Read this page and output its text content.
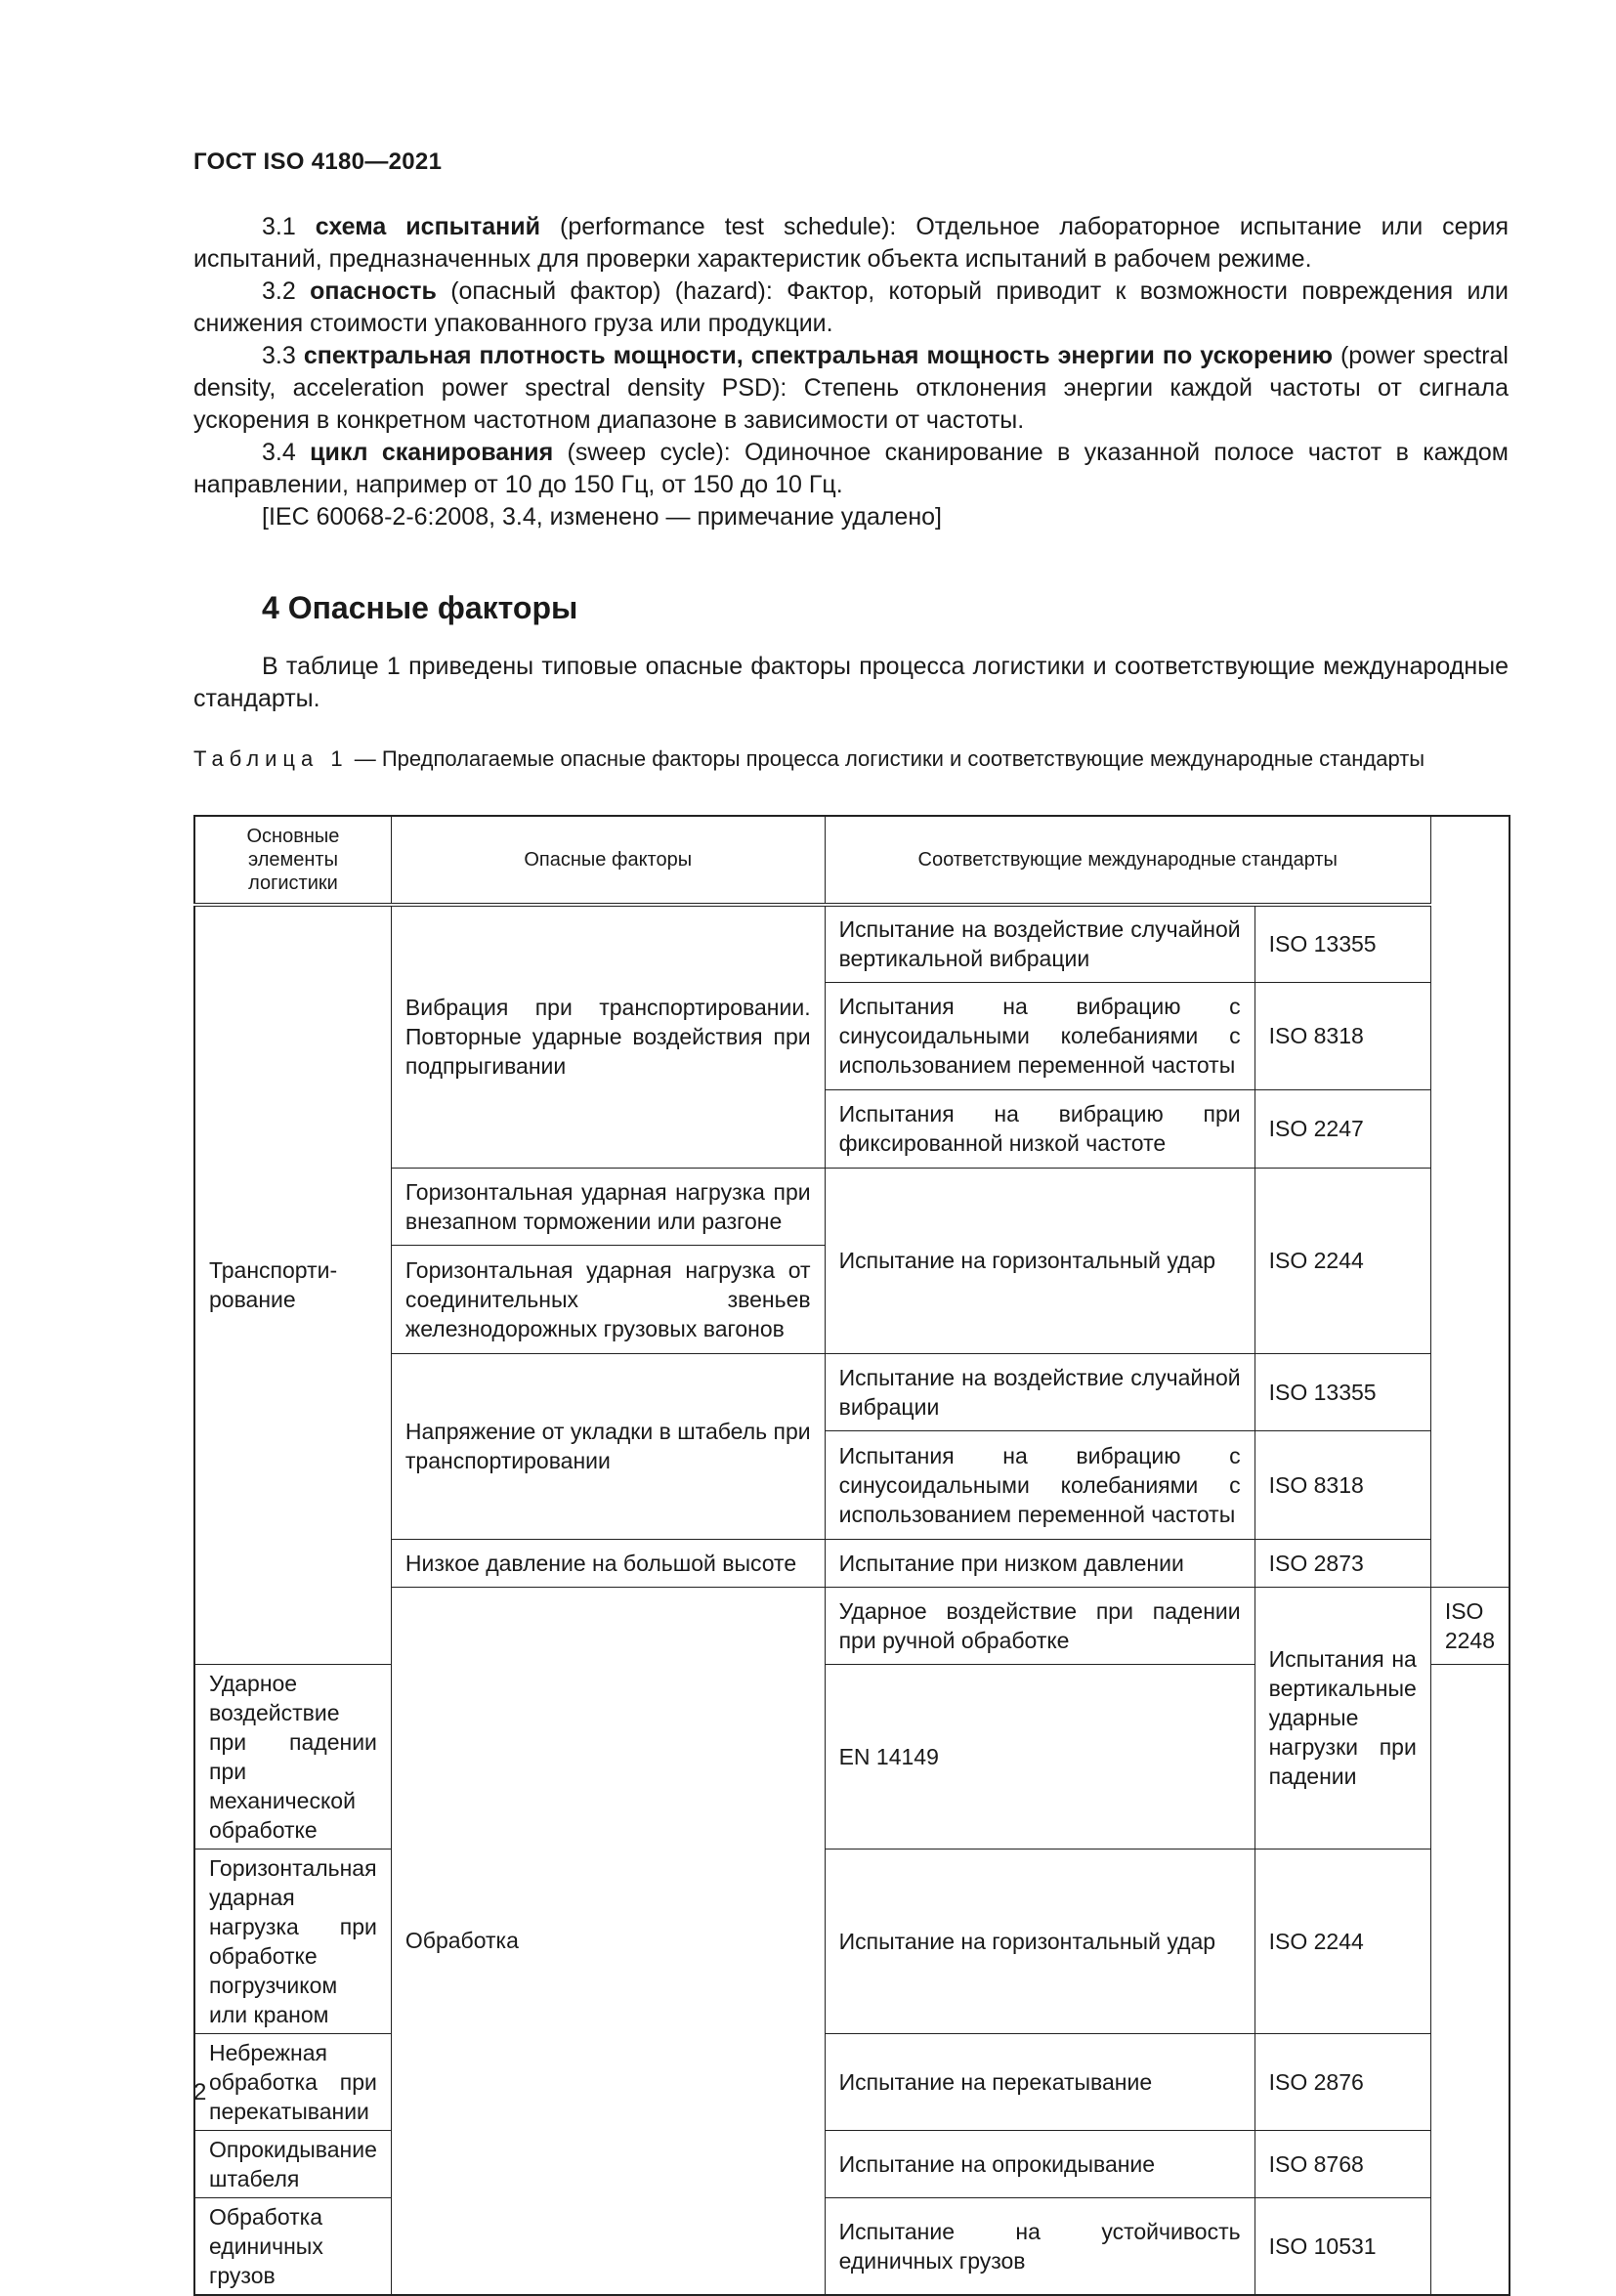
ГОСТ ISO 4180—2021

3.1 схема испытаний (performance test schedule): Отдельное лабораторное испытание или серия испытаний, предназначенных для проверки характеристик объекта испытаний в рабочем режиме.

3.2 опасность (опасный фактор) (hazard): Фактор, который приводит к возможности повреждения или снижения стоимости упакованного груза или продукции.

3.3 спектральная плотность мощности, спектральная мощность энергии по ускорению (power spectral density, acceleration power spectral density PSD): Степень отклонения энергии каждой частоты от сигнала ускорения в конкретном частотном диапазоне в зависимости от частоты.

3.4 цикл сканирования (sweep cycle): Одиночное сканирование в указанной полосе частот в каждом направлении, например от 10 до 150 Гц, от 150 до 10 Гц.

[IEC 60068-2-6:2008, 3.4, изменено — примечание удалено]

4 Опасные факторы

В таблице 1 приведены типовые опасные факторы процесса логистики и соответствующие международные стандарты.

Таблица 1 — Предполагаемые опасные факторы процесса логистики и соответствующие международные стандарты

Основные элементы логистики	Опасные факторы	Соответствующие международные стандарты		
Транспорти-рование	Вибрация при транспортировании. Повторные ударные воздействия при подпрыгивании	Испытание на воздействие случайной вертикальной вибрации	ISO 13355	
		Испытания на вибрацию с синусоидальными колебаниями с использованием переменной частоты	ISO 8318	
		Испытания на вибрацию при фиксированной низкой частоте	ISO 2247	
	Горизонтальная ударная нагрузка при внезапном торможении или разгоне	Испытание на горизонтальный удар	ISO 2244	
	Горизонтальная ударная нагрузка от соединительных звеньев железнодорожных грузовых вагонов			
	Напряжение от укладки в штабель при транспортировании	Испытание на воздействие случайной вибрации	ISO 13355	
		Испытания на вибрацию с синусоидальными колебаниями с использованием переменной частоты	ISO 8318	
	Низкое давление на большой высоте	Испытание при низком давлении	ISO 2873	
	Обработка	Ударное воздействие при падении при ручной обработке	Испытания на вертикальные ударные нагрузки при падении	ISO 2248
Ударное воздействие при падении при механической обработке		EN 14149		
Горизонтальная ударная нагрузка при обработке погрузчиком или краном		Испытание на горизонтальный удар	ISO 2244	
Небрежная обработка при перекатывании		Испытание на перекатывание	ISO 2876	
Опрокидывание штабеля		Испытание на опрокидывание	ISO 8768	
Обработка единичных грузов		Испытание на устойчивость единичных грузов	ISO 10531	
2
